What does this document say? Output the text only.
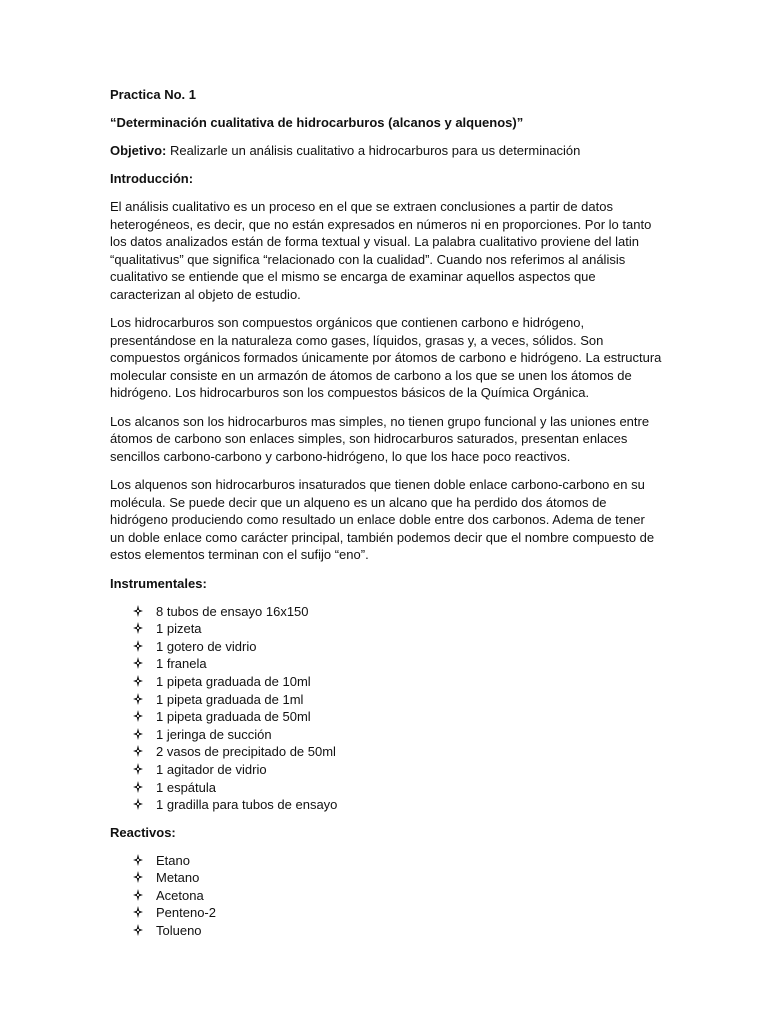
Practica No. 1
“Determinación cualitativa de hidrocarburos (alcanos y alquenos)”
Objetivo: Realizarle un análisis cualitativo a hidrocarburos para us determinación
Introducción:

El análisis cualitativo es un proceso en el que se extraen conclusiones a partir de datos heterogéneos, es decir, que no están expresados en números ni en proporciones. Por lo tanto los datos analizados están de forma textual y visual. La palabra cualitativo proviene del latin “qualitativus” que significa “relacionado con la cualidad”. Cuando nos referimos al análisis cualitativo se entiende que el mismo se encarga de examinar aquellos aspectos que caracterizan al objeto de estudio.

Los hidrocarburos son compuestos orgánicos que contienen carbono e hidrógeno, presentándose en la naturaleza como gases, líquidos, grasas y, a veces, sólidos. Son compuestos orgánicos formados únicamente por átomos de carbono e hidrógeno. La estructura molecular consiste en un armazón de átomos de carbono a los que se unen los átomos de hidrógeno. Los hidrocarburos son los compuestos básicos de la Química Orgánica.

Los alcanos son los hidrocarburos mas simples, no tienen grupo funcional y las uniones entre átomos de carbono son enlaces simples, son hidrocarburos saturados, presentan enlaces sencillos carbono-carbono y carbono-hidrógeno, lo que los hace poco reactivos.

Los alquenos son hidrocarburos insaturados que tienen doble enlace carbono-carbono en su molécula. Se puede decir que un alqueno es un alcano que ha perdido dos átomos de hidrógeno produciendo como resultado un enlace doble entre dos carbonos. Adema de tener un doble enlace como carácter principal, también podemos decir que el nombre compuesto de estos elementos terminan con el sufijo “eno”.

Instrumentales:
8 tubos de ensayo 16x150
1 pizeta
1 gotero de vidrio
1 franela
1 pipeta graduada de 10ml
1 pipeta graduada de 1ml
1 pipeta graduada de 50ml
1 jeringa de succión
2 vasos de precipitado de 50ml
1 agitador de vidrio
1 espátula
1 gradilla para tubos de ensayo
Reactivos:
Etano
Metano
Acetona
Penteno-2
Tolueno
